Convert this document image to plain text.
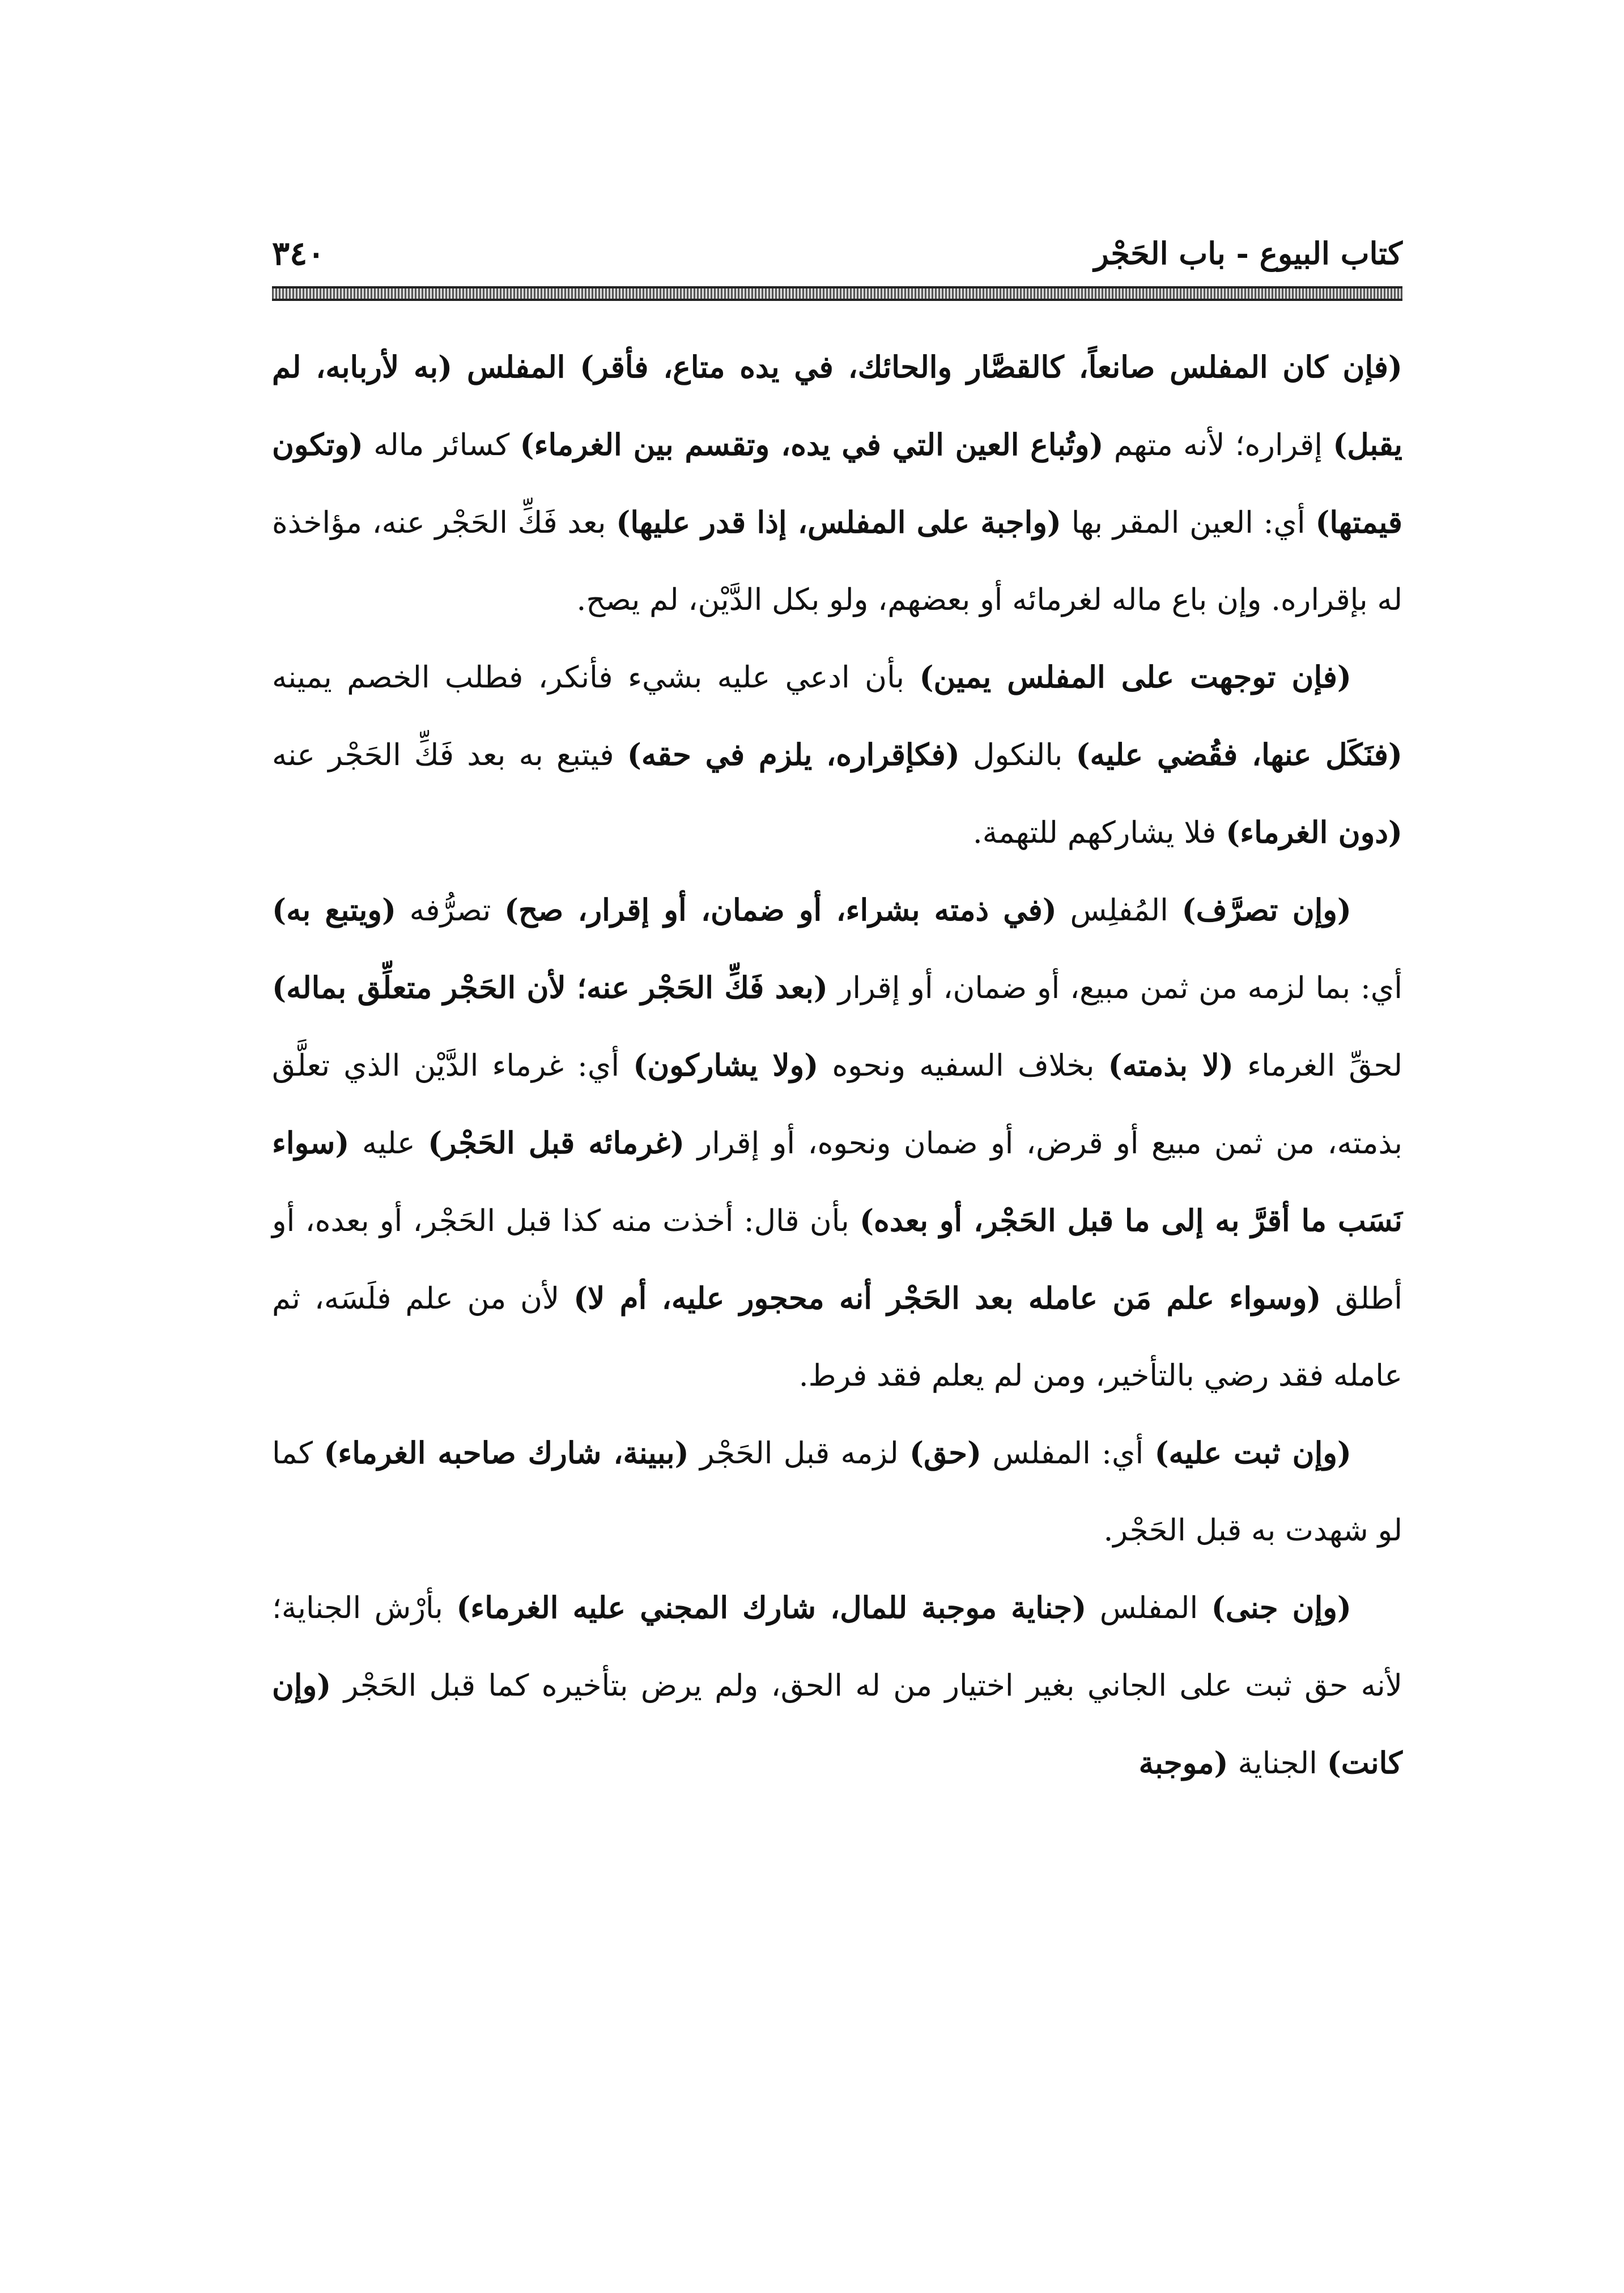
كتاب البيوع - باب الحَجْر
٣٤٠

(فإن كان المفلس صانعاً، كالقصَّار والحائك، في يده متاع، فأقر) المفلس (به لأربابه، لم يقبل) إقراره؛ لأنه متهم (وتُباع العين التي في يده، وتقسم بين الغرماء) كسائر ماله (وتكون قيمتها) أي: العين المقر بها (واجبة على المفلس، إذا قدر عليها) بعد فَكِّ الحَجْر عنه، مؤاخذة له بإقراره. وإن باع ماله لغرمائه أو بعضهم، ولو بكل الدَّيْن، لم يصح.

(فإن توجهت على المفلس يمين) بأن ادعي عليه بشيء فأنكر، فطلب الخصم يمينه (فنَكَل عنها، فقُضي عليه) بالنكول (فكإقراره، يلزم في حقه) فيتبع به بعد فَكِّ الحَجْر عنه (دون الغرماء) فلا يشاركهم للتهمة.

(وإن تصرَّف) المُفلِس (في ذمته بشراء، أو ضمان، أو إقرار، صح) تصرُّفه (ويتبع به) أي: بما لزمه من ثمن مبيع، أو ضمان، أو إقرار (بعد فَكِّ الحَجْر عنه؛ لأن الحَجْر متعلِّق بماله) لحقِّ الغرماء (لا بذمته) بخلاف السفيه ونحوه (ولا يشاركون) أي: غرماء الدَّيْن الذي تعلَّق بذمته، من ثمن مبيع أو قرض، أو ضمان ونحوه، أو إقرار (غرمائه قبل الحَجْر) عليه (سواء نَسَب ما أقرَّ به إلى ما قبل الحَجْر، أو بعده) بأن قال: أخذت منه كذا قبل الحَجْر، أو بعده، أو أطلق (وسواء علم مَن عامله بعد الحَجْر أنه محجور عليه، أم لا) لأن من علم فلَسَه، ثم عامله فقد رضي بالتأخير، ومن لم يعلم فقد فرط.

(وإن ثبت عليه) أي: المفلس (حق) لزمه قبل الحَجْر (ببينة، شارك صاحبه الغرماء) كما لو شهدت به قبل الحَجْر.

(وإن جنى) المفلس (جناية موجبة للمال، شارك المجني عليه الغرماء) بأرْش الجناية؛ لأنه حق ثبت على الجاني بغير اختيار من له الحق، ولم يرض بتأخيره كما قبل الحَجْر (وإن كانت) الجناية (موجبة
